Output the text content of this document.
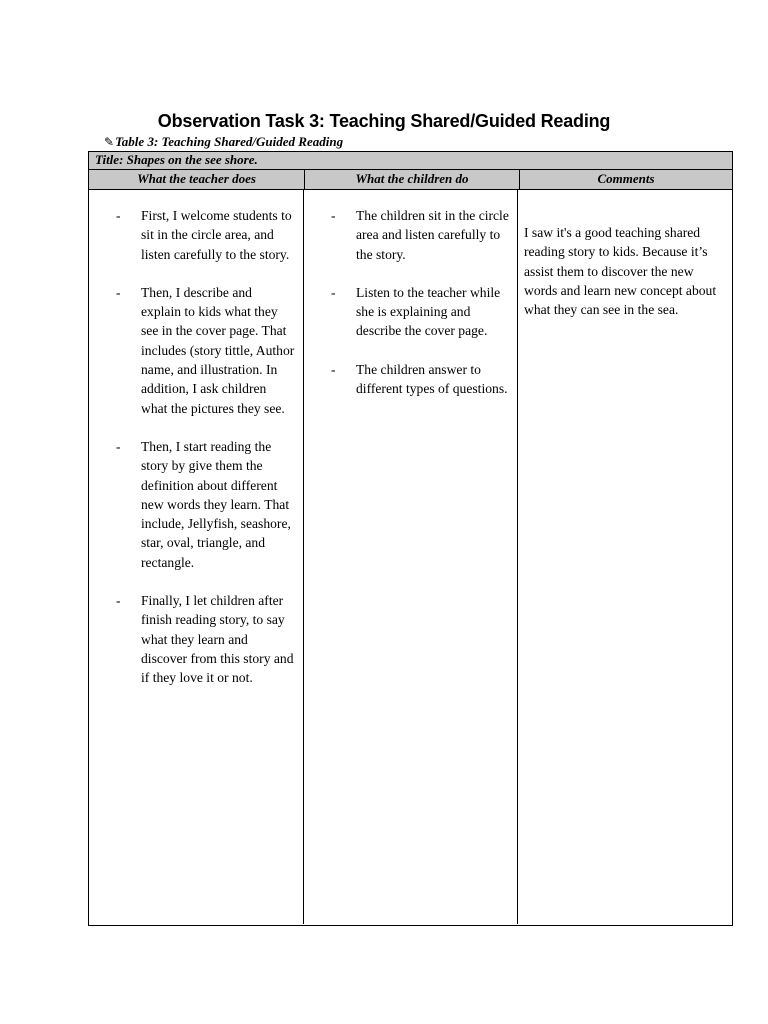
Observation Task 3: Teaching Shared/Guided Reading
✎Table 3: Teaching Shared/Guided Reading
Title: Shapes on the see shore.
What the teacher does	What the children do	Comments
- First, I welcome students to sit in the circle area, and listen carefully to the story.
- Then, I describe and explain to kids what they see in the cover page. That includes (story tittle, Author name, and illustration. In addition, I ask children what the pictures they see.
- Then, I start reading the story by give them the definition about different new words they learn. That include, Jellyfish, seashore, star, oval, triangle, and rectangle.
- Finally, I let children after finish reading story, to say what they learn and discover from this story and if they love it or not.
- The children sit in the circle area and listen carefully to the story.
- Listen to the teacher while she is explaining and describe the cover page.
- The children answer to different types of questions.
I saw it's a good teaching shared reading story to kids. Because it’s assist them to discover the new words and learn new concept about what they can see in the sea.
